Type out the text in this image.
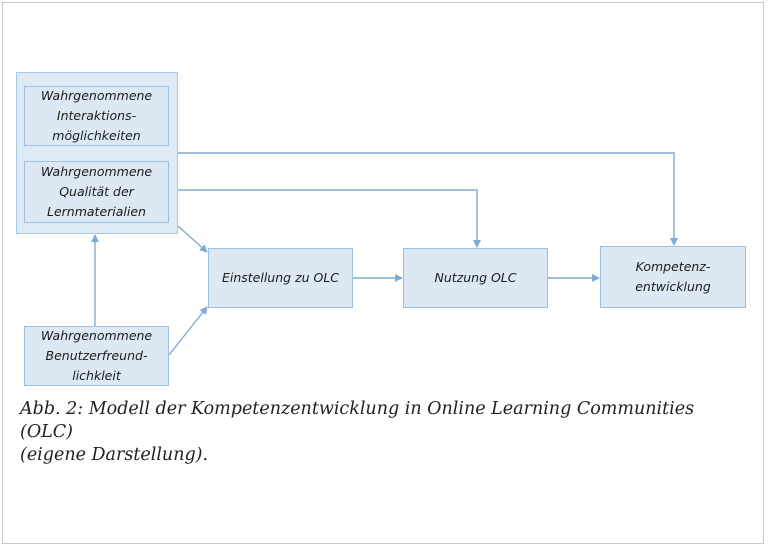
Wahrgenommene
Interaktions-
möglichkeiten
Wahrgenommene
Qualität der
Lernmaterialien
Wahrgenommene
Benutzerfreund-
lichkleit
Einstellung zu OLC	Nutzung OLC
Kompetenz-
entwicklung
Abb. 2: Modell der Kompetenzentwicklung in Online Learning Communities (OLC)
(eigene Darstellung).
